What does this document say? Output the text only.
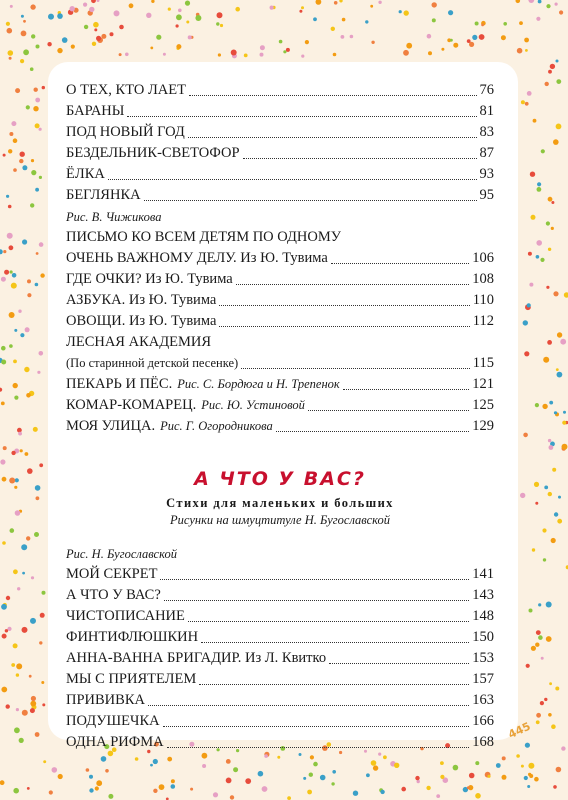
О ТЕХ, КТО ЛАЕТ	76
БАРАНЫ	81
ПОД НОВЫЙ ГОД	83
БЕЗДЕЛЬНИК-СВЕТОФОР	87
ЁЛКА	93
БЕГЛЯНКА	95
Рис. В. Чижикова
ПИСЬМО КО ВСЕМ ДЕТЯМ ПО ОДНОМУ
ОЧЕНЬ ВАЖНОМУ ДЕЛУ. Из Ю. Тувима	106
ГДЕ ОЧКИ? Из Ю. Тувима	108
АЗБУКА. Из Ю. Тувима	110
ОВОЩИ. Из Ю. Тувима	112
ЛЕСНАЯ АКАДЕМИЯ
(По старинной детской песенке)	115
ПЕКАРЬ И ПЁС. Рис. С. Бордюга и Н. Трепенок	121
КОМАР-КОМАРЕЦ. Рис. Ю. Устиновой	125
МОЯ УЛИЦА. Рис. Г. Огородникова	129
А ЧТО У ВАС?
Стихи для маленьких и больших
Рисунки на шмуцтитуле Н. Бугославской
Рис. Н. Бугославской
МОЙ СЕКРЕТ	141
А ЧТО У ВАС?	143
ЧИСТОПИСАНИЕ	148
ФИНТИФЛЮШКИН	150
АННА-ВАННА БРИГАДИР. Из Л. Квитко	153
МЫ С ПРИЯТЕЛЕМ	157
ПРИВИВКА	163
ПОДУШЕЧКА	166
ОДНА РИФМА	168
445
